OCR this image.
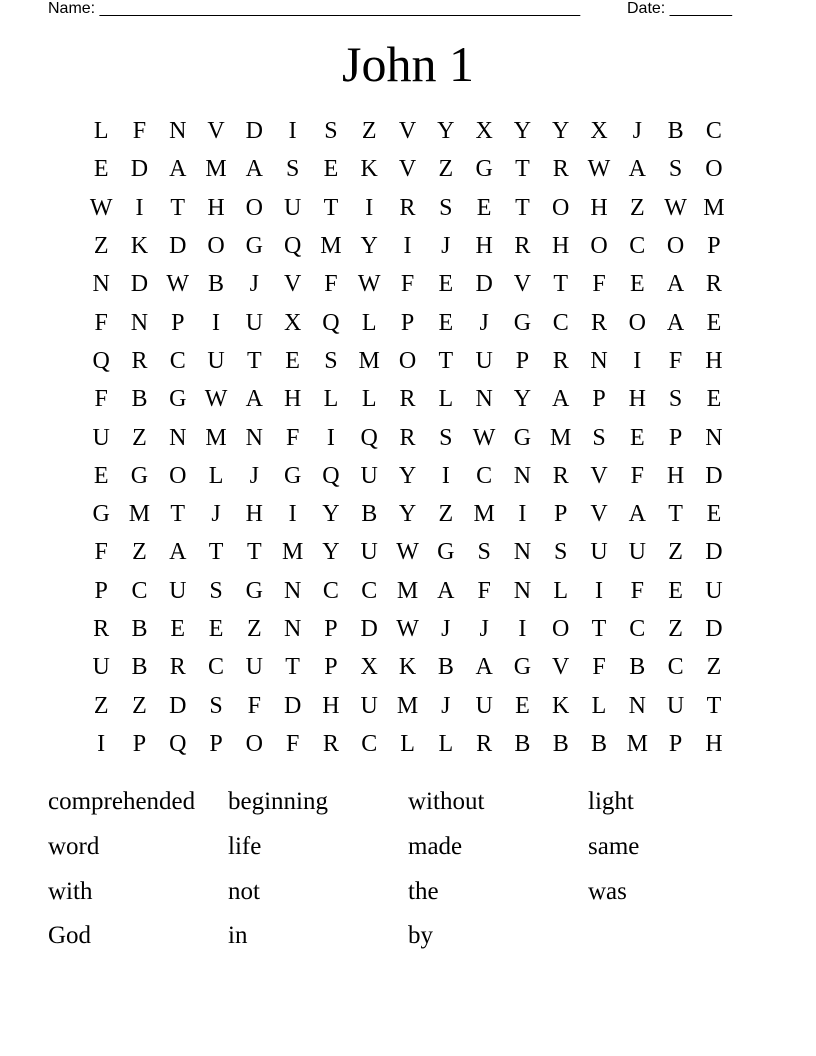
Name: ______________________________________________________	Date: _______
John 1
L	F N V D	I	S	Z V Y X Y Y X	J	B C
E D A M A S	E K V Z G T R W A S O
W I	T H O U T	I	R S	E T O H Z W M
Z K D O G Q M Y	I	J	H R H O C O P
N D W B	J	V F W F	E D V T	F	E A R
F N P	I	U X Q L	P	E	J	G C R O A E
Q R C U T E	S M O T U P R N	I	F H
F B G W A H L L R L N Y A P H S	E
U Z N M N F	I	Q R S W G M S	E	P N
E G O L	J	G Q U Y	I	C N R V F H D
G M T	J	H	I	Y B Y Z M I	P V A T E
F	Z A T T M Y U W G S N S U U Z D
P C U S G N C C M A F N L	I	F	E U
R B E E Z N P D W J	J	I	O T C Z D
U B R C U T	P X K B A G V F B C Z
Z Z D S	F D H U M J	U E K L N U T
I	P Q P O F R C L L R B B B M P H
comprehended	beginning	without	light
word	life	made	same
with	not	the	was
God	in	by
